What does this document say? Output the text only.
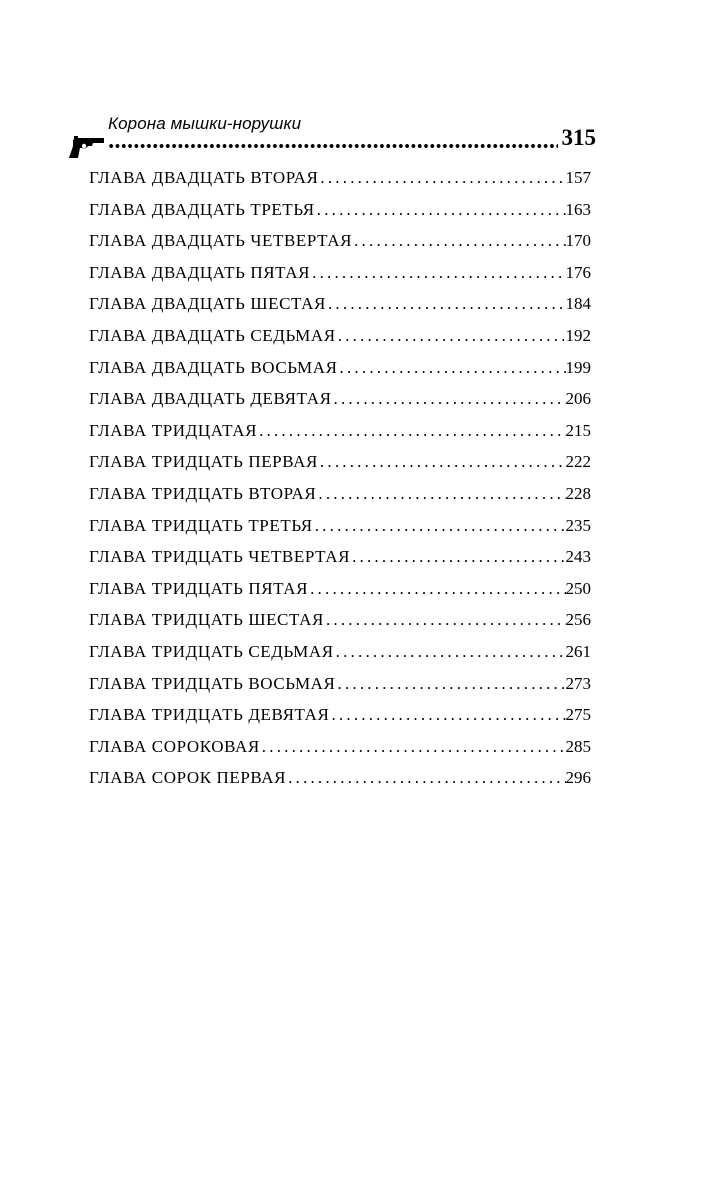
Корона мышки-норушки
315
ГЛАВА ДВАДЦАТЬ ВТОРАЯ .....	157
ГЛАВА ДВАДЦАТЬ ТРЕТЬЯ .....	163
ГЛАВА ДВАДЦАТЬ ЧЕТВЕРТАЯ .....	170
ГЛАВА ДВАДЦАТЬ ПЯТАЯ .....	176
ГЛАВА ДВАДЦАТЬ ШЕСТАЯ .....	184
ГЛАВА ДВАДЦАТЬ СЕДЬМАЯ .....	192
ГЛАВА ДВАДЦАТЬ ВОСЬМАЯ .....	199
ГЛАВА ДВАДЦАТЬ ДЕВЯТАЯ .....	206
ГЛАВА ТРИДЦАТАЯ .....	215
ГЛАВА ТРИДЦАТЬ ПЕРВАЯ .....	222
ГЛАВА ТРИДЦАТЬ ВТОРАЯ .....	228
ГЛАВА ТРИДЦАТЬ ТРЕТЬЯ .....	235
ГЛАВА ТРИДЦАТЬ ЧЕТВЕРТАЯ .....	243
ГЛАВА ТРИДЦАТЬ ПЯТАЯ .....	250
ГЛАВА ТРИДЦАТЬ ШЕСТАЯ .....	256
ГЛАВА ТРИДЦАТЬ СЕДЬМАЯ .....	261
ГЛАВА ТРИДЦАТЬ ВОСЬМАЯ .....	273
ГЛАВА ТРИДЦАТЬ ДЕВЯТАЯ .....	275
ГЛАВА СОРОКОВАЯ .....	285
ГЛАВА СОРОК ПЕРВАЯ .....	296
